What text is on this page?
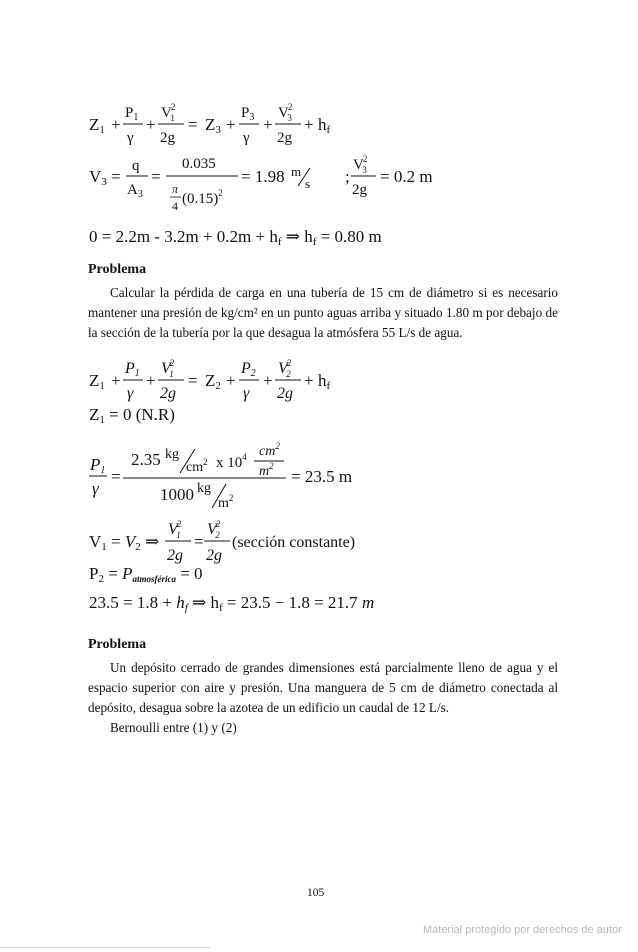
Z1 +
$P_1$
γ
+
V2 1
2g
= Z3 +
$P_3$
γ
+
V2 3
2g
+ hf
V3 =
q
$A_3$
=
0.035
π
4 $(0.15)^2$
= 1.98 m
s ;
V2 3
2g
= 0.2 m
0 = 2.2m - 3.2m + 0.2m + hf ⇒ hf = 0.80 m
Z1 +
P1
γ
+
V2 1
2g
= Z2 +
P2
γ
+
V2 2
2g
+ hf
Z1 = 0 (N.R)
P1
γ
=
2.35 kg
$cm^2$ x $10^4$ $cm^2$
$m^2$
1000 kg
$m^2$
= 23.5 m
V1 = V2 ⇒
V2 1
2g
=
V2 2
2g
(sección constante)
P2 = Patmosférica = 0
23.5 = 1.8 + hf ⇒ hf = 23.5 − 1.8 = 21.7 m
Problema
Calcular la pérdida de carga en una tubería de 15 cm de diámetro si es necesario mantener una presión de kg/cm² en un punto aguas arriba y situado 1.80 m por debajo de la sección de la tubería por la que desagua la atmósfera 55 L/s de agua.
Problema
Un depósito cerrado de grandes dimensiones está parcialmente lleno de agua y el espacio superior con aire y presión. Una manguera de 5 cm de diámetro conectada al depósito, desagua sobre la azotea de un edificio un caudal de 12 L/s.
Bernoulli entre (1) y (2)
105
Material protegido por derechos de autor
